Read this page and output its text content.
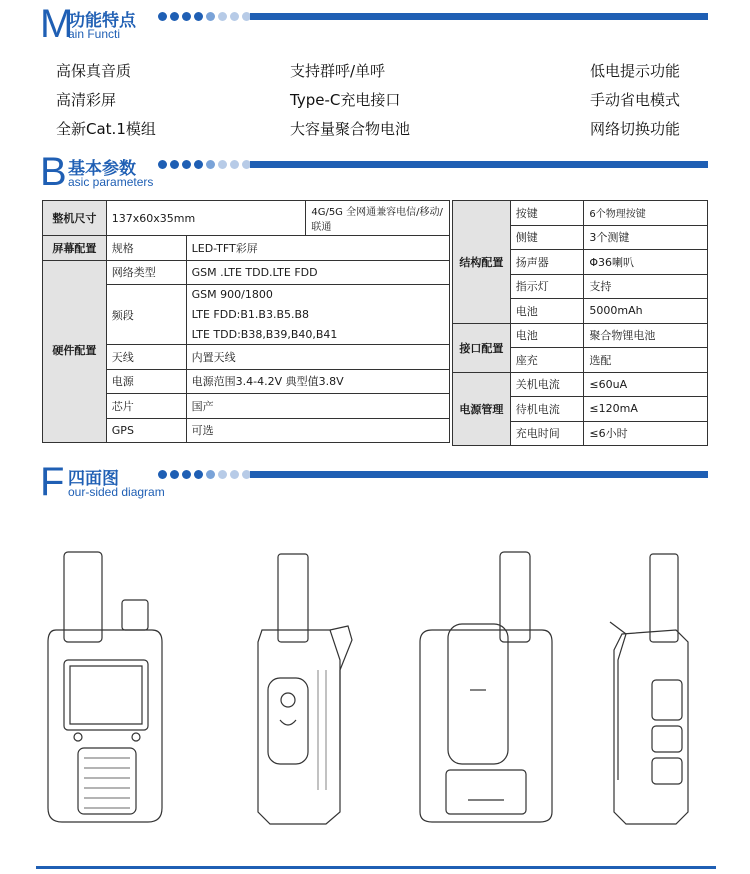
M
功能特点
ain Functi
高保真音质	支持群呼/单呼	低电提示功能
高清彩屏	Type-C充电接口	手动省电模式
全新Cat.1模组	大容量聚合物电池	网络切换功能
B 基本参数
asic parameters
整机尺寸	137x60x35mm		4G/5G 全网通兼容电信/移动/联通
屏幕配置	规格	LED-TFT彩屏	
硬件配置	网络类型	GSM .LTE TDD.LTE FDD	
	频段	GSM 900/1800	
		LTE FDD:B1.B3.B5.B8	
		LTE TDD:B38,B39,B40,B41	
	天线	内置天线	
	电源	电源范围3.4-4.2V 典型值3.8V	
	芯片	国产	
	GPS	可选	
结构配置	按键	6个物理按键
	侧键	3个测键
	扬声器	Φ36喇叭
	指示灯	支持
	电池	5000mAh
接口配置	电池	聚合物锂电池
	座充	选配
电源管理	关机电流	≤60uA
	待机电流	≤120mA
	充电时间	≤6小时
F 四面图
our-sided diagram
